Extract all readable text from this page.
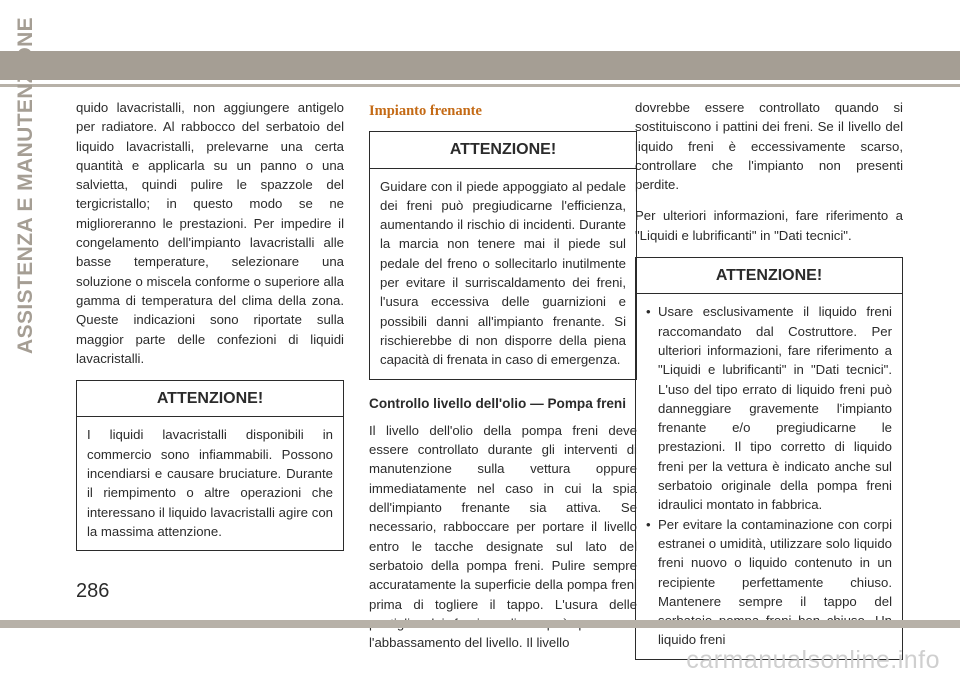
ASSISTENZA E MANUTENZIONE	quido lavacristalli, non aggiungere antigelo per radiatore. Al rabbocco del serbatoio del liquido lavacristalli, prelevarne una certa quantità e applicarla su un panno o una salvietta, quindi pulire le spazzole del tergicristallo; in questo modo se ne miglioreranno le prestazioni. Per impedire il congelamento dell'impianto lavacristalli alle basse temperature, selezionare una soluzione o miscela conforme o superiore alla gamma di temperatura del clima della zona. Queste indicazioni sono riportate sulla maggior parte delle confezioni di liquidi lavacristalli.

ATTENZIONE!

I liquidi lavacristalli disponibili in commercio sono infiammabili. Possono incendiarsi e causare bruciature. Durante il riempimento o altre operazioni che interessano il liquido lavacristalli agire con la massima attenzione.

Impianto frenante
ATTENZIONE!

Guidare con il piede appoggiato al pedale dei freni può pregiudicarne l'efficienza, aumentando il rischio di incidenti. Durante la marcia non tenere mai il piede sul pedale del freno o sollecitarlo inutilmente per evitare il surriscaldamento dei freni, l'usura eccessiva delle guarnizioni e possibili danni all'impianto frenante. Si rischierebbe di non disporre della piena capacità di frenata in caso di emergenza.

Controllo livello dell'olio — Pompa freni

Il livello dell'olio della pompa freni deve essere controllato durante gli interventi di manutenzione sulla vettura oppure immediatamente nel caso in cui la spia dell'impianto frenante sia attiva. Se necessario, rabboccare per portare il livello entro le tacche designate sul lato del serbatoio della pompa freni. Pulire sempre accuratamente la superficie della pompa freni prima di togliere il tappo. L'usura delle l'abbassamento del livello. Il livello

dovrebbe essere controllato quando si sostituiscono i pattini dei freni. Se il livello del liquido freni è eccessivamente scarso, controllare che l'impianto non presenti perdite.

Per ulteriori informazioni, fare riferimento a "Liquidi e lubrificanti" in "Dati tecnici".

ATTENZIONE!
• Usare esclusivamente il liquido freni raccomandato dal Costruttore. Per ulteriori informazioni, fare riferimento a "Liquidi e lubrificanti" in "Dati tecnici". L'uso del tipo errato di liquido freni può danneggiare gravemente l'impianto frenante e/o pregiudicarne le prestazioni. Il tipo corretto di liquido freni per la vettura è indicato anche sul serbatoio originale della pompa freni idraulici montato in fabbrica.
• Per evitare la contaminazione con corpi estranei o umidità, utilizzare solo liquido freni nuovo o liquido contenuto in un recipiente perfettamente chiuso. Mantenere sempre il tappo del liquido freni
286
carmanualsonline.info
